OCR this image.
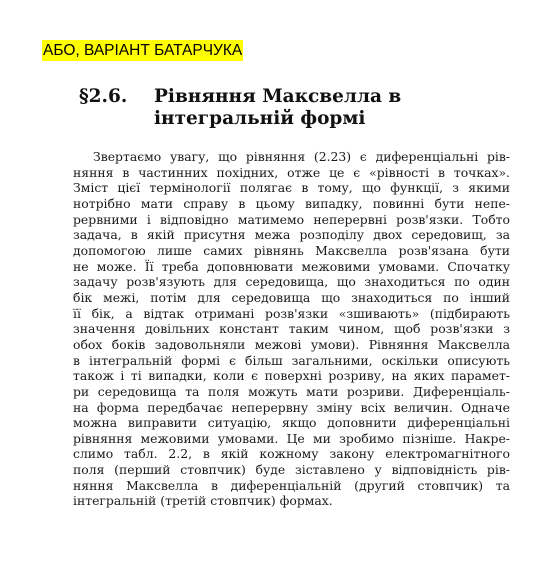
АБО, ВАРІАНТ БАТАРЧУКА
§2.6. Рівняння Максвелла в інтегральній формі
Звертаємо увагу, що рівняння (2.23) є диференціальні рів-
няння в частинних похідних, отже це є «рівності в точках».
Зміст цієї термінології полягає в тому, що функції, з якими
нотрібно мати справу в цьому випадку, повинні бути непе-
рервними і відповідно матимемо неперервні розв'язки. Тобто
задача, в якій присутня межа розподілу двох середовищ, за
допомогою лише самих рівнянь Максвелла розв'язана бути
не може. Її треба доповнювати межовими умовами. Спочатку
задачу розв'язують для середовища, що знаходиться по один
бік межі, потім для середовища що знаходиться по інший
її бік, а відтак отримані розв'язки «зшивають» (підбирають
значення довільних констант таким чином, щоб розв'язки з
обох боків задовольняли межові умови). Рівняння Максвелла
в інтегральній формі є більш загальними, оскільки описують
також і ті випадки, коли є поверхні розриву, на яких парамет-
ри середовища та поля можуть мати розриви. Диференціаль-
на форма передбачає неперервну зміну всіх величин. Одначе
можна виправити ситуацію, якщо доповнити диференціальні
рівняння межовими умовами. Це ми зробимо пізніше. Накре-
слимо табл. 2.2, в якій кожному закону електромагнітного
поля (перший стовпчик) буде зіставлено у відповідність рів-
няння Максвелла в диференціальній (другий стовпчик) та
інтегральній (третій стовпчик) формах.
